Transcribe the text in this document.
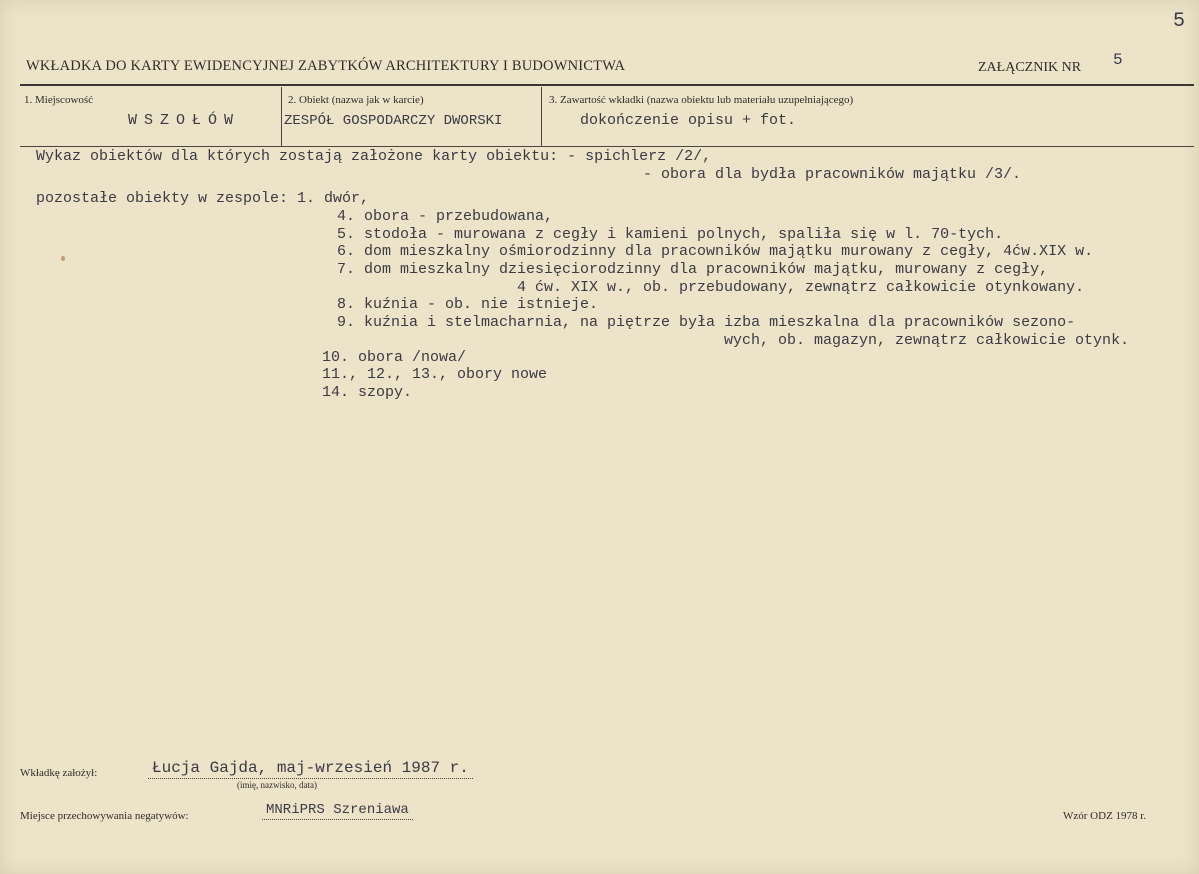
5
WKŁADKA DO KARTY EWIDENCYJNEJ ZABYTKÓW ARCHITEKTURY I BUDOWNICTWA	ZAŁĄCZNIK NR 5
1. Miejscowość
WSZOŁÓW
2. Obiekt (nazwa jak w karcie)
ZESPÓŁ GOSPODARCZY DWORSKI
3. Zawartość wkładki (nazwa obiektu lub materiału uzupełniającego)
dokończenie opisu + fot.
Wykaz obiektów dla których zostają założone karty obiektu: - spichlerz /2/,
- obora dla bydła pracowników majątku /3/.
pozostałe obiekty w zespole: 1. dwór,
4. obora - przebudowana,
5. stodoła - murowana z cegły i kamieni polnych, spaliła się w l. 70-tych.
6. dom mieszkalny ośmiorodzinny dla pracowników majątku murowany z cegły, 4ćw.XIX w.
7. dom mieszkalny dziesięciorodzinny dla pracowników majątku, murowany z cegły,
4 ćw. XIX w., ob. przebudowany, zewnątrz całkowicie otynkowany.
8. kuźnia - ob. nie istnieje.
9. kuźnia i stelmacharnia, na piętrze była izba mieszkalna dla pracowników sezono-
wych, ob. magazyn, zewnątrz całkowicie otynk.
10. obora /nowa/
11., 12., 13., obory nowe
14. szopy.
Wkładkę założył:	Łucja Gajda, maj-wrzesień 1987 r.
(imię, nazwisko, data)
Miejsce przechowywania negatywów:	MNRiPRS Szreniawa	Wzór ODZ 1978 r.
